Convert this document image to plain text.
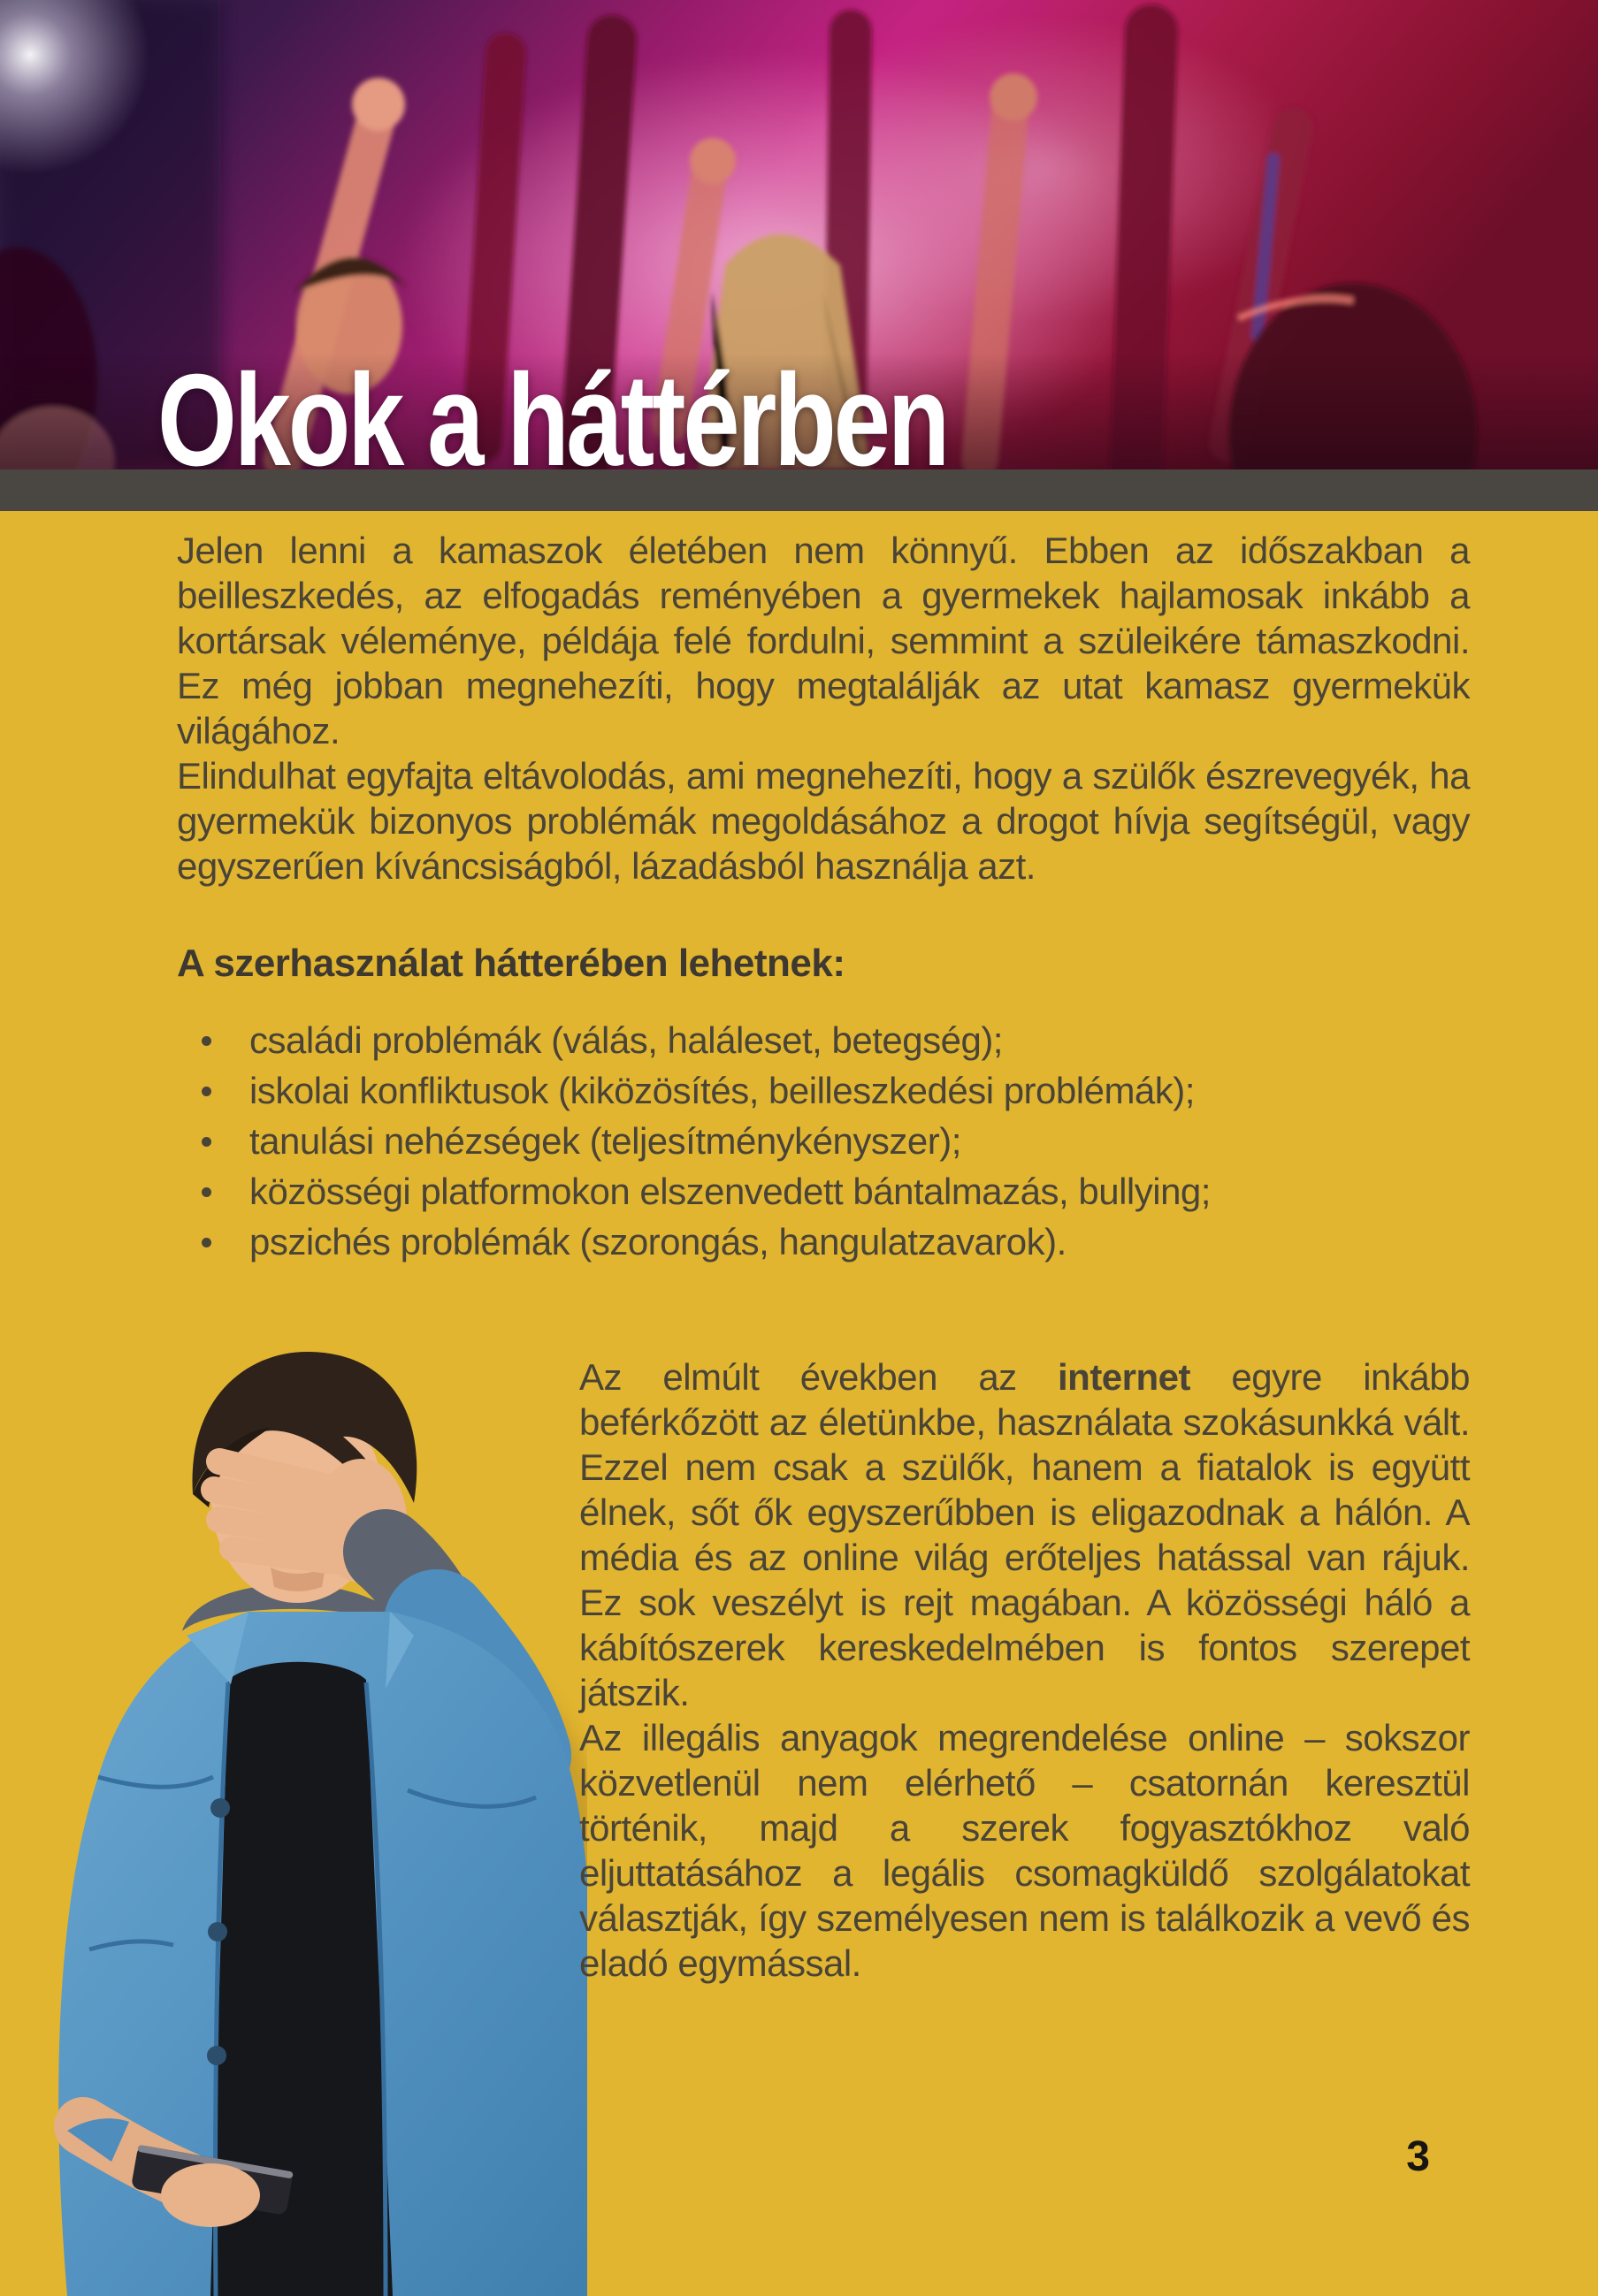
Okok a háttérben

Jelen lenni a kamaszok életében nem könnyű. Ebben az időszakban a beilleszkedés, az elfogadás reményében a gyermekek hajlamosak inkább a kortársak véleménye, példája felé fordulni, semmint a szüleikére támaszkodni. Ez még jobban megnehezíti, hogy megtalálják az utat kamasz gyermekük világához.

Elindulhat egyfajta eltávolodás, ami megnehezíti, hogy a szülők észrevegyék, ha gyermekük bizonyos problémák megoldásához a drogot hívja segítségül, vagy egyszerűen kíváncsiságból, lázadásból használja azt.

A szerhasználat hátterében lehetnek:
családi problémák (válás, haláleset, betegség);
iskolai konfliktusok (kiközösítés, beilleszkedési problémák);
tanulási nehézségek (teljesítménykényszer);
közösségi platformokon elszenvedett bántalmazás, bullying;
pszichés problémák (szorongás, hangulatzavarok).

Az elmúlt években az internet egyre inkább beférkőzött az életünkbe, használata szokásunkká vált. Ezzel nem csak a szülők, hanem a fiatalok is együtt élnek, sőt ők egyszerűbben is eligazodnak a hálón. A média és az online világ erőteljes hatással van rájuk. Ez sok veszélyt is rejt magában. A közösségi háló a kábítószerek kereskedelmében is fontos szerepet játszik.

Az illegális anyagok megrendelése online – sokszor közvetlenül nem elérhető – csatornán keresztül történik, majd a szerek fogyasztókhoz való eljuttatásához a legális csomagküldő szolgálatokat választják, így személyesen nem is találkozik a vevő és eladó egymással.

3
